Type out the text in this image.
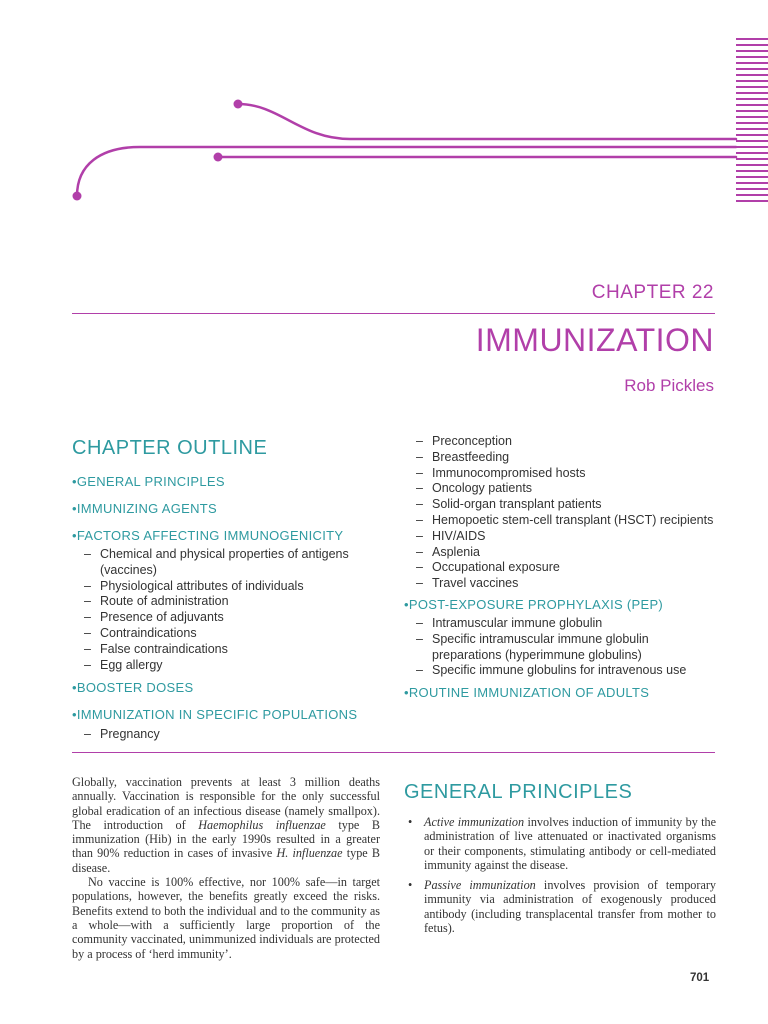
CHAPTER 22
IMMUNIZATION
Rob Pickles
CHAPTER OUTLINE
• GENERAL PRINCIPLES
• IMMUNIZING AGENTS
• FACTORS AFFECTING IMMUNOGENICITY
– Chemical and physical properties of antigens (vaccines)
– Physiological attributes of individuals
– Route of administration
– Presence of adjuvants
– Contraindications
– False contraindications
– Egg allergy
• BOOSTER DOSES
• IMMUNIZATION IN SPECIFIC POPULATIONS
– Pregnancy
– Preconception
– Breastfeeding
– Immunocompromised hosts
– Oncology patients
– Solid-organ transplant patients
– Hemopoetic stem-cell transplant (HSCT) recipients
– HIV/AIDS
– Asplenia
– Occupational exposure
– Travel vaccines
• POST-EXPOSURE PROPHYLAXIS (PEP)
– Intramuscular immune globulin
– Specific intramuscular immune globulin preparations (hyperimmune globulins)
– Specific immune globulins for intravenous use
• ROUTINE IMMUNIZATION OF ADULTS

Globally, vaccination prevents at least 3 million deaths annually. Vaccination is responsible for the only successful global eradication of an infectious disease (namely smallpox). The introduction of Haemophilus influenzae type B immunization (Hib) in the early 1990s resulted in a greater than 90% reduction in cases of invasive H. influenzae type B disease.

No vaccine is 100% effective, nor 100% safe—in target populations, however, the benefits greatly exceed the risks. Benefits extend to both the individual and to the community as a whole—with a sufficiently large proportion of the community vaccinated, unimmunized individuals are protected by a process of ‘herd immunity’.

GENERAL PRINCIPLES
• Active immunization involves induction of immunity by the administration of live attenuated or inactivated organisms or their components, stimulating antibody or cell-mediated immunity against the disease.
• Passive immunization involves provision of temporary immunity via administration of exogenously produced antibody (including transplacental transfer from mother to fetus).
701
